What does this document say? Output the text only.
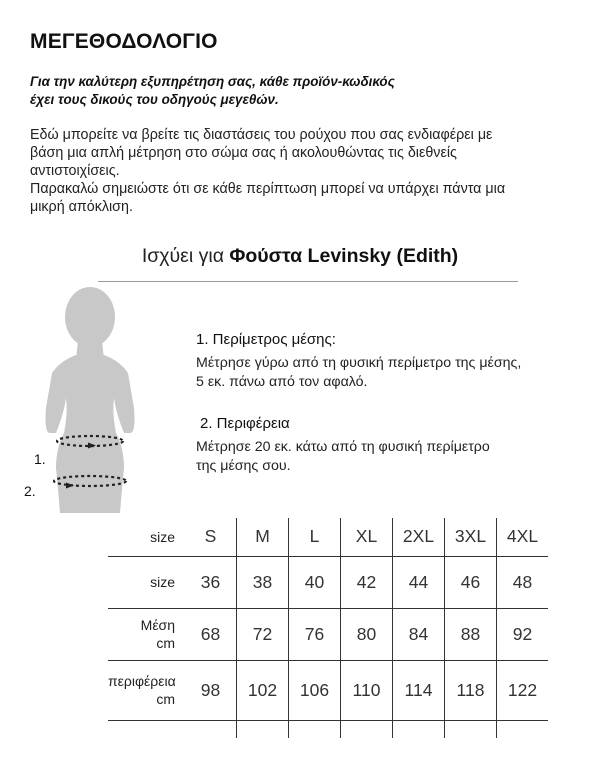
ΜΕΓΕΘΟΔΟΛΟΓΙΟ
Για την καλύτερη εξυπηρέτηση σας, κάθε προϊόν-κωδικός
έχει τους δικούς του οδηγούς μεγεθών.
Εδώ μπορείτε να βρείτε τις διαστάσεις του ρούχου που σας ενδιαφέρει με
βάση μια απλή μέτρηση στο σώμα σας ή ακολουθώντας τις διεθνείς
αντιστοιχίσεις.
Παρακαλώ σημειώστε ότι σε κάθε περίπτωση μπορεί να υπάρχει πάντα μια
μικρή απόκλιση.
Ισχύει για Φούστα Levinsky (Edith)
1.
2.
1. Περίμετρος μέσης:
Μέτρησε γύρω από τη φυσική περίμετρο της μέσης,
5 εκ. πάνω από τον αφαλό.
2. Περιφέρεια
Μέτρησε 20 εκ. κάτω από τη φυσική περίμετρο
της μέσης σου.
size	S	M	L	XL	2XL	3XL	4XL

size	36	38	40	42	44	46	48

Μέση
cm	68	72	76	80	84	88	92

περιφέρεια
cm	98	102	106	110	114	118	122
